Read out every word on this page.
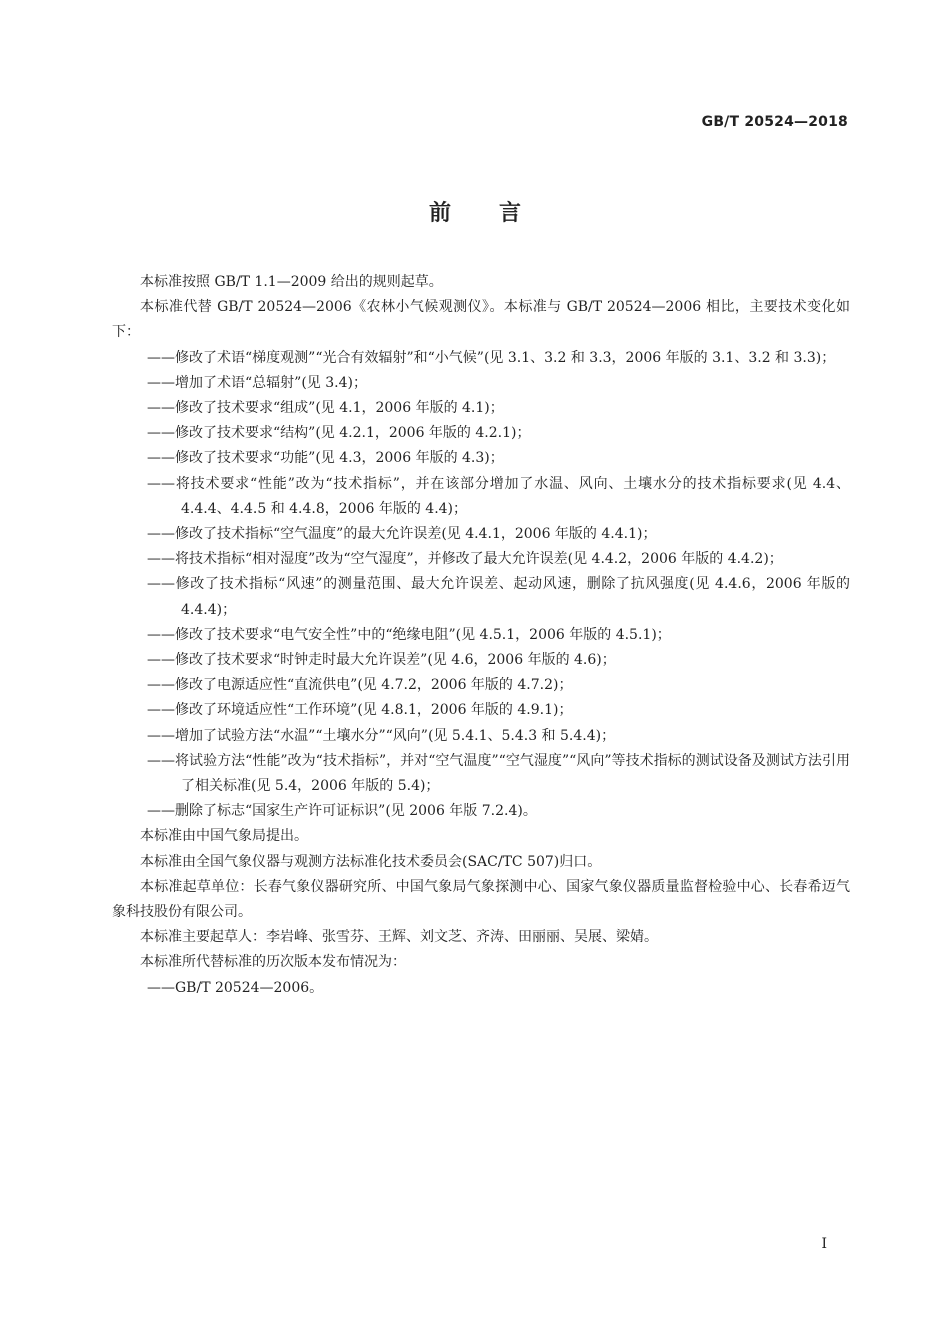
GB/T 20524—2018
前言

本标准按照 GB/T 1.1—2009 给出的规则起草。

本标准代替 GB/T 20524—2006《农林小气候观测仪》。本标准与 GB/T 20524—2006 相比，主要技术变化如下：

——修改了术语“梯度观测”“光合有效辐射”和“小气候”(见 3.1、3.2 和 3.3，2006 年版的 3.1、3.2 和 3.3)；

——增加了术语“总辐射”(见 3.4)；

——修改了技术要求“组成”(见 4.1，2006 年版的 4.1)；

——修改了技术要求“结构”(见 4.2.1，2006 年版的 4.2.1)；

——修改了技术要求“功能”(见 4.3，2006 年版的 4.3)；

——将技术要求“性能”改为“技术指标”，并在该部分增加了水温、风向、土壤水分的技术指标要求(见 4.4、4.4.4、4.4.5 和 4.4.8，2006 年版的 4.4)；

——修改了技术指标“空气温度”的最大允许误差(见 4.4.1，2006 年版的 4.4.1)；

——将技术指标“相对湿度”改为“空气湿度”，并修改了最大允许误差(见 4.4.2，2006 年版的 4.4.2)；

——修改了技术指标“风速”的测量范围、最大允许误差、起动风速，删除了抗风强度(见 4.4.6，2006 年版的 4.4.4)；

——修改了技术要求“电气安全性”中的“绝缘电阻”(见 4.5.1，2006 年版的 4.5.1)；

——修改了技术要求“时钟走时最大允许误差”(见 4.6，2006 年版的 4.6)；

——修改了电源适应性“直流供电”(见 4.7.2，2006 年版的 4.7.2)；

——修改了环境适应性“工作环境”(见 4.8.1，2006 年版的 4.9.1)；

——增加了试验方法“水温”“土壤水分”“风向”(见 5.4.1、5.4.3 和 5.4.4)；

——将试验方法“性能”改为“技术指标”，并对“空气温度”“空气湿度”“风向”等技术指标的测试设备及测试方法引用了相关标准(见 5.4，2006 年版的 5.4)；

——删除了标志“国家生产许可证标识”(见 2006 年版 7.2.4)。

本标准由中国气象局提出。

本标准由全国气象仪器与观测方法标准化技术委员会(SAC/TC 507)归口。

本标准起草单位：长春气象仪器研究所、中国气象局气象探测中心、国家气象仪器质量监督检验中心、长春希迈气象科技股份有限公司。

本标准主要起草人：李岩峰、张雪芬、王辉、刘文芝、齐涛、田丽丽、吴展、梁婧。

本标准所代替标准的历次版本发布情况为：

——GB/T 20524—2006。

I
